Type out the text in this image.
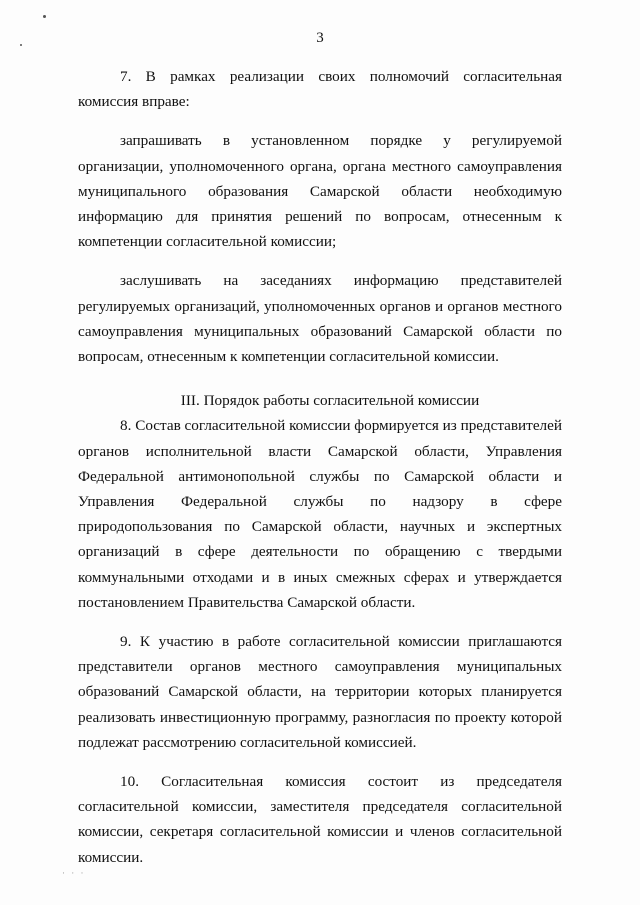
3

7. В рамках реализации своих полномочий согласительная комиссия вправе:

запрашивать в установленном порядке у регулируемой организации, уполномоченного органа, органа местного самоуправления муниципального образования Самарской области необходимую информацию для принятия решений по вопросам, отнесенным к компетенции согласительной комиссии;

заслушивать на заседаниях информацию представителей регулируемых организаций, уполномоченных органов и органов местного самоуправления муниципальных образований Самарской области по вопросам, отнесенным к компетенции согласительной комиссии.

III. Порядок работы согласительной комиссии

8. Состав согласительной комиссии формируется из представителей органов исполнительной власти Самарской области, Управления Федеральной антимонопольной службы по Самарской области и Управления Федеральной службы по надзору в сфере природопользования по Самарской области, научных и экспертных организаций в сфере деятельности по обращению с твердыми коммунальными отходами и в иных смежных сферах и утверждается постановлением Правительства Самарской области.

9. К участию в работе согласительной комиссии приглашаются представители органов местного самоуправления муниципальных образований Самарской области, на территории которых планируется реализовать инвестиционную программу, разногласия по проекту которой подлежат рассмотрению согласительной комиссией.

10. Согласительная комиссия состоит из председателя согласительной комиссии, заместителя председателя согласительной комиссии, секретаря согласительной комиссии и членов согласительной комиссии.

· · ·
